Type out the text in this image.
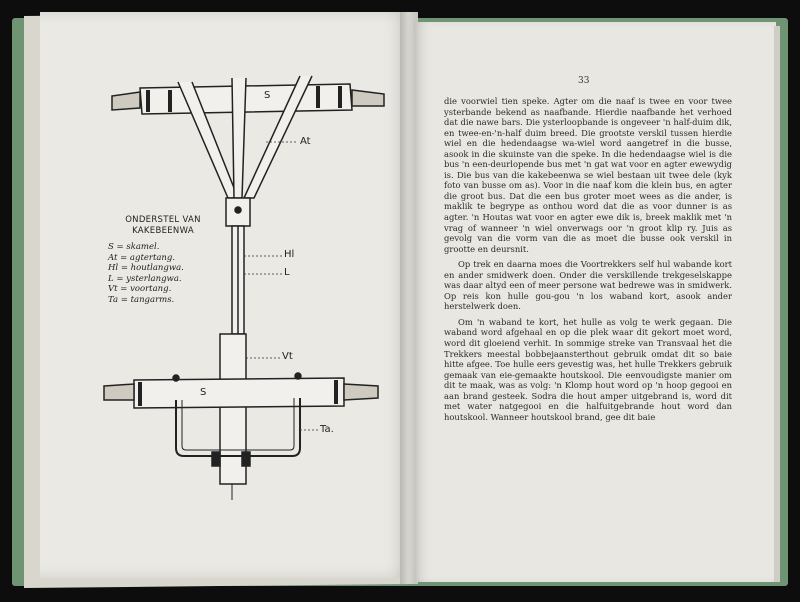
S
At
Hl
L
Vt
S
Ta.
ONDERSTEL VAN KAKEBEENWA
S = skamel.
At = agtertang.
Hl = houtlangwa.
L = ysterlangwa.
Vt = voortang.
Ta = tangarms.
33

die voorwiel tien speke. Agter om die naaf is twee en voor twee ysterbande bekend as naafbande. Hierdie naafbande het verhoed dat die nawe bars. Die ysterloopbande is ongeveer 'n half-duim dik, en twee-en-'n-half duim breed. Die grootste verskil tussen hierdie wiel en die hedendaagse wa-wiel word aangetref in die busse, asook in die skuinste van die speke. In die hedendaagse wiel is die bus 'n een-deurlopende bus met 'n gat wat voor en agter ewewydig is. Die bus van die kakebeenwa se wiel bestaan uit twee dele (kyk foto van busse om as). Voor in die naaf kom die klein bus, en agter die groot bus. Dat die een bus groter moet wees as die ander, is maklik te begrype as onthou word dat die as voor dunner is as agter. 'n Houtas wat voor en agter ewe dik is, breek maklik met 'n vrag of wanneer 'n wiel onverwags oor 'n groot klip ry. Juis as gevolg van die vorm van die as moet die busse ook verskil in grootte en deursnit.

Op trek en daarna moes die Voortrekkers self hul wabande kort en ander smidwerk doen. Onder die verskillende trekgeselskappe was daar altyd een of meer persone wat bedrewe was in smidwerk. Op reis kon hulle gou-gou 'n los waband kort, asook ander herstelwerk doen.

Om 'n waband te kort, het hulle as volg te werk gegaan. Die waband word afgehaal en op die plek waar dit gekort moet word, word dit gloeiend verhit. In sommige streke van Transvaal het die Trekkers meestal bobbejaansterthout gebruik omdat dit so baie hitte afgee. Toe hulle eers gevestig was, het hulle Trekkers gebruik gemaak van eie-gemaakte houtskool. Die eenvoudigste manier om dit te maak, was as volg: 'n Klomp hout word op 'n hoop gegooi en aan brand gesteek. Sodra die hout amper uitgebrand is, word dit met water natgegooi en die halfuitgebrande hout word dan houtskool. Wanneer houtskool brand, gee dit baie
